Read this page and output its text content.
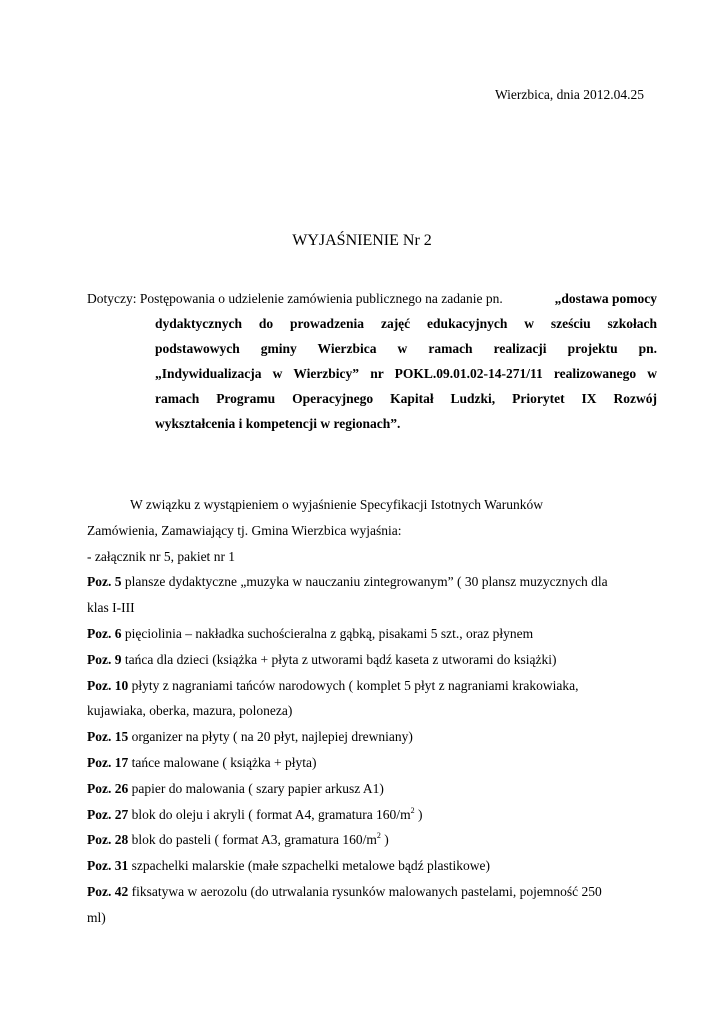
Wierzbica, dnia 2012.04.25
WYJAŚNIENIE Nr 2
Dotyczy: Postępowania o udzielenie zamówienia publicznego na zadanie pn.	„dostawa pomocy
dydaktycznych do prowadzenia zajęć edukacyjnych w sześciu szkołach
podstawowych gminy Wierzbica w ramach realizacji projektu pn.
„Indywidualizacja w Wierzbicy” nr POKL.09.01.02-14-271/11 realizowanego w
ramach Programu Operacyjnego Kapitał Ludzki, Priorytet IX Rozwój
wykształcenia i kompetencji w regionach”.

W związku z wystąpieniem o wyjaśnienie Specyfikacji Istotnych Warunków

Zamówienia, Zamawiający tj. Gmina Wierzbica wyjaśnia:

- załącznik nr 5, pakiet nr 1

Poz. 5 plansze dydaktyczne „muzyka w nauczaniu zintegrowanym” ( 30 plansz muzycznych dla
klas I-III

Poz. 6 pięciolinia – nakładka suchościeralna z gąbką, pisakami 5 szt., oraz płynem

Poz. 9 tańca dla dzieci (książka + płyta z utworami bądź kaseta z utworami do książki)

Poz. 10 płyty z nagraniami tańców narodowych ( komplet 5 płyt z nagraniami krakowiaka,
kujawiaka, oberka, mazura, poloneza)

Poz. 15 organizer na płyty ( na 20 płyt, najlepiej drewniany)

Poz. 17 tańce malowane ( książka + płyta)

Poz. 26 papier do malowania ( szary papier arkusz A1)

Poz. 27 blok do oleju i akryli ( format A4, gramatura $160/m^2$ )

Poz. 28 blok do pasteli ( format A3, gramatura $160/m^2$ )

Poz. 31 szpachelki malarskie (małe szpachelki metalowe bądź plastikowe)

Poz. 42 fiksatywa w aerozolu (do utrwalania rysunków malowanych pastelami, pojemność 250
ml)
